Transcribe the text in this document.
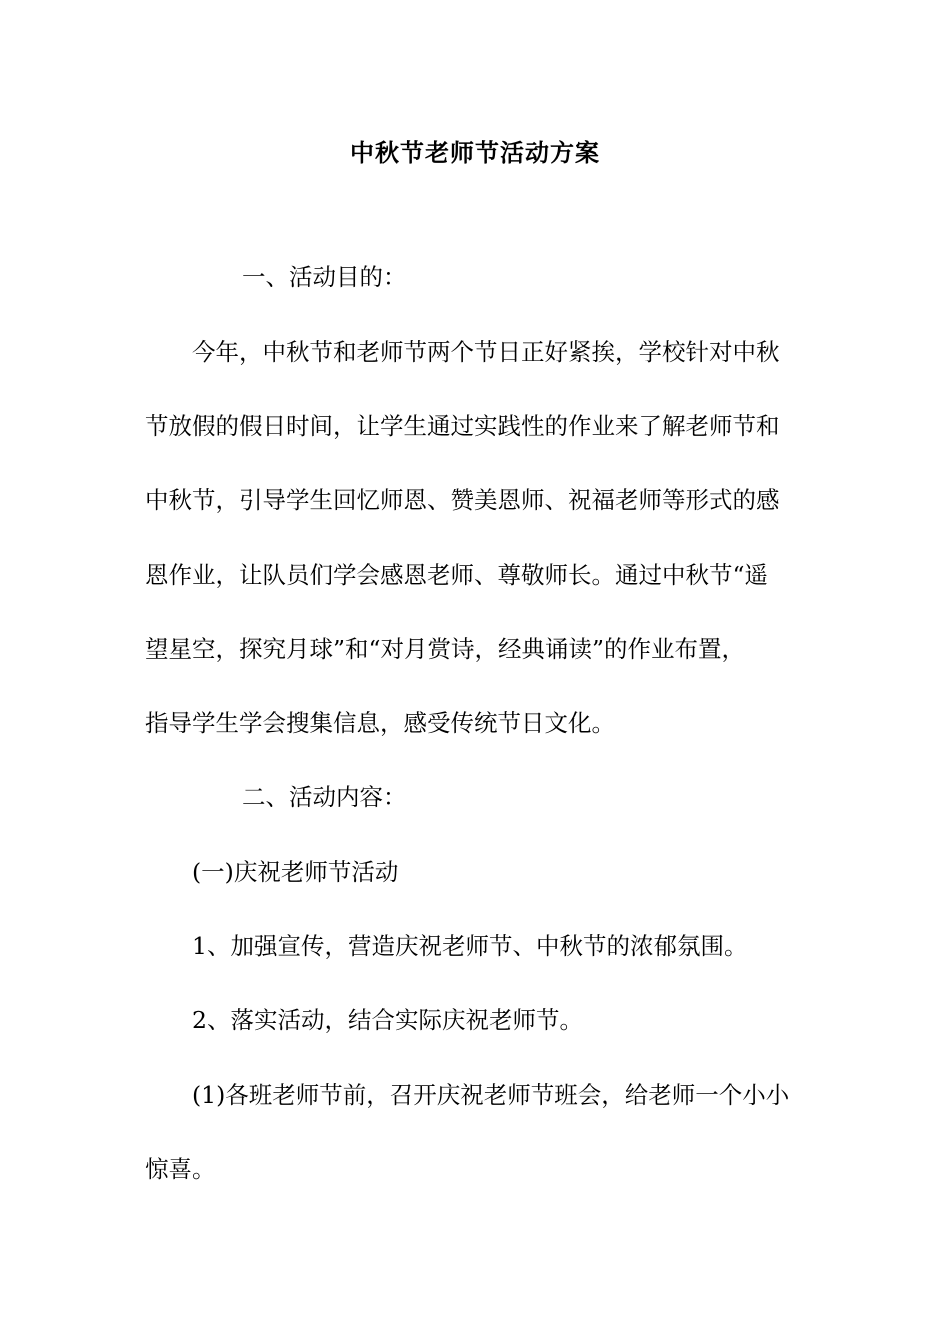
中秋节老师节活动方案
一、活动目的：
今年，中秋节和老师节两个节日正好紧挨，学校针对中秋
节放假的假日时间，让学生通过实践性的作业来了解老师节和
中秋节，引导学生回忆师恩、赞美恩师、祝福老师等形式的感
恩作业，让队员们学会感恩老师、尊敬师长。通过中秋节“遥
望星空，探究月球”和“对月赏诗，经典诵读”的作业布置，
指导学生学会搜集信息，感受传统节日文化。
二、活动内容：
(一)庆祝老师节活动
1、加强宣传，营造庆祝老师节、中秋节的浓郁氛围。
2、落实活动，结合实际庆祝老师节。
(1)各班老师节前，召开庆祝老师节班会，给老师一个小小
惊喜。
